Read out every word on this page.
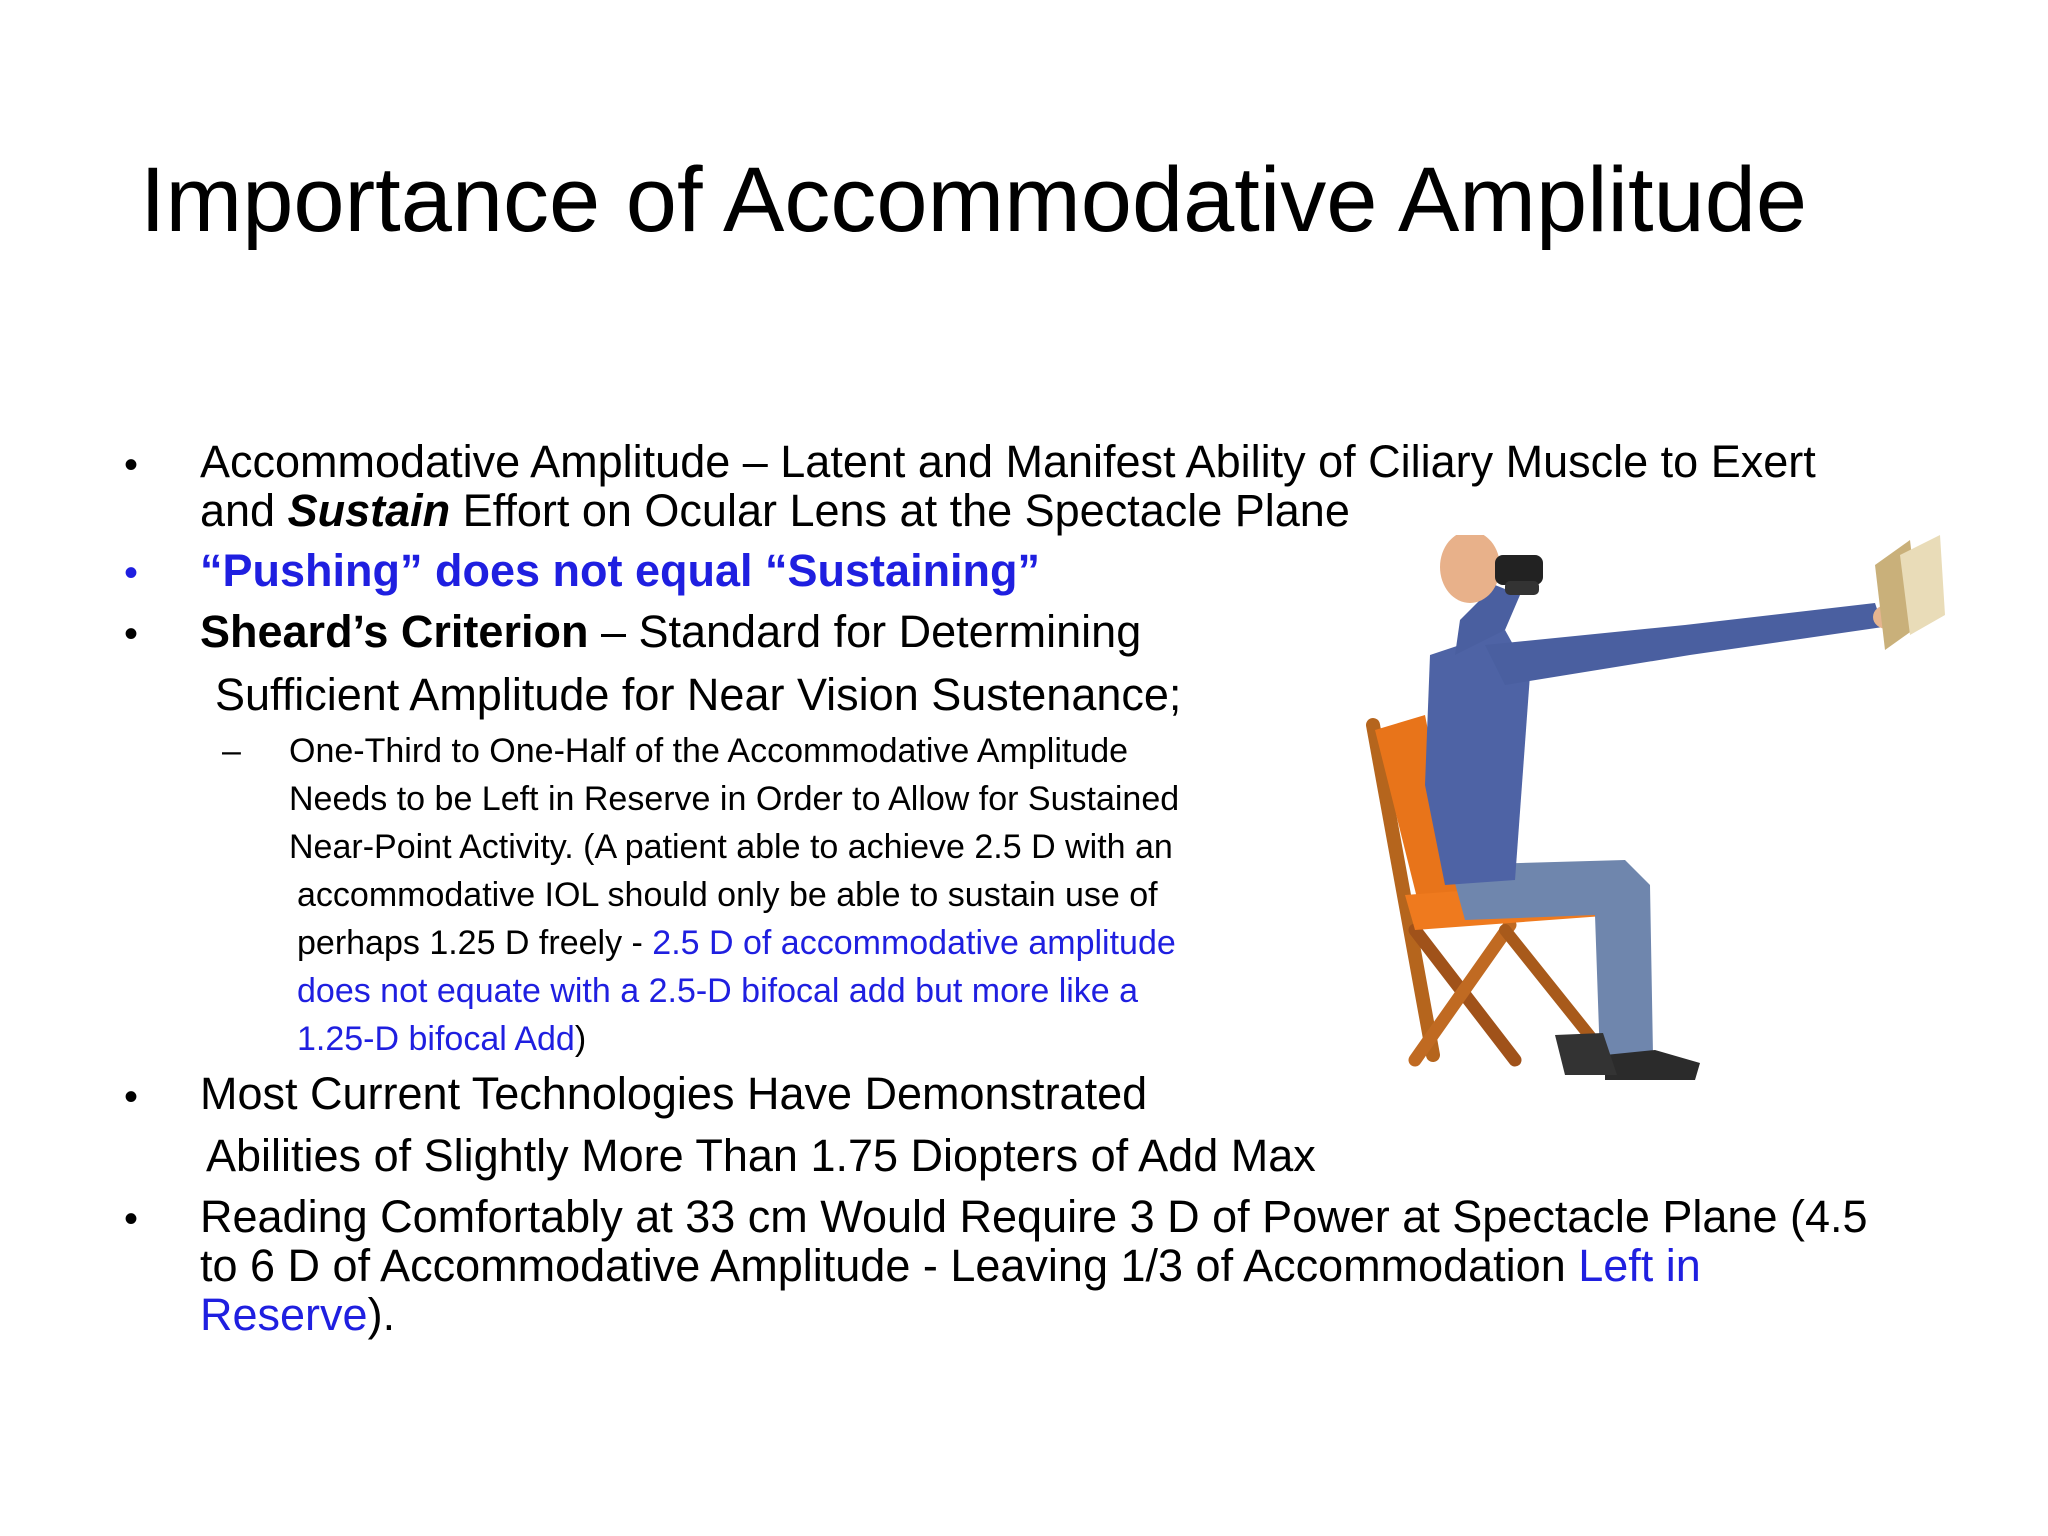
Importance of Accommodative Amplitude
• Accommodative Amplitude – Latent and Manifest Ability of Ciliary Muscle to Exert
and Sustain Effort on Ocular Lens at the Spectacle Plane
• “Pushing” does not equal “Sustaining”
• Sheard’s Criterion – Standard for Determining
Sufficient Amplitude for Near Vision Sustenance;
– One-Third to One-Half of the Accommodative Amplitude
Needs to be Left in Reserve in Order to Allow for Sustained
Near-Point Activity. (A patient able to achieve 2.5 D with an
accommodative IOL should only be able to sustain use of
perhaps 1.25 D freely - 2.5 D of accommodative amplitude
does not equate with a 2.5-D bifocal add but more like a
1.25-D bifocal Add)
• Most Current Technologies Have Demonstrated
Abilities of Slightly More Than 1.75 Diopters of Add Max
• Reading Comfortably at 33 cm Would Require 3 D of Power at Spectacle Plane (4.5
to 6 D of Accommodative Amplitude - Leaving 1/3 of Accommodation Left in
Reserve).
